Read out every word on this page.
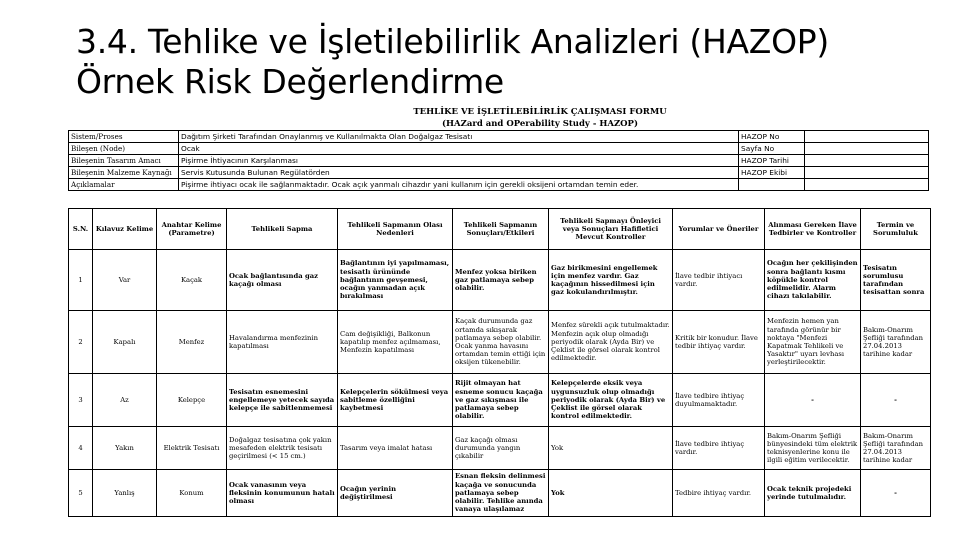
3.4. Tehlike ve İşletilebilirlik Analizleri (HAZOP)
Örnek Risk Değerlendirme
TEHLİKE VE İŞLETİLEBİLİRLİK ÇALIŞMASI FORMU
(HAZard and OPerability Study - HAZOP)
Sistem/Proses	Dağıtım Şirketi Tarafından Onaylanmış ve Kullanılmakta Olan Doğalgaz Tesisatı	HAZOP No	
Bileşen (Node)	Ocak	Sayfa No	
Bileşenin Tasarım Amacı	Pişirme İhtiyacının Karşılanması	HAZOP Tarihi	
Bileşenin Malzeme Kaynağı	Servis Kutusunda Bulunan Regülatörden	HAZOP Ekibi	
Açıklamalar	Pişirme ihtiyacı ocak ile sağlanmaktadır. Ocak açık yanmalı cihazdır yani kullanım için gerekli oksijeni ortamdan temin eder.		
S.N.	Kılavuz Kelime	Anahtar Kelime (Parametre)	Tehlikeli Sapma	Tehlikeli Sapmanın Olası Nedenleri	Tehlikeli Sapmanın Sonuçları/Etkileri	Tehlikeli Sapmayı Önleyici veya Sonuçları Hafifletici Mevcut Kontroller	Yorumlar ve Öneriler	Alınması Gereken İlave Tedbirler ve Kontroller	Termin ve Sorumluluk
1	Var	Kaçak	Ocak bağlantısında gaz kaçağı olması	Bağlantının iyi yapılmaması, tesisatlı ürününde bağlantının gevşemesi, ocağın yanmadan açık bırakılması	Menfez yoksa biriken gaz patlamaya sebep olabilir.	Gaz birikmesini engellemek için menfez vardır. Gaz kaçağının hissedilmesi için gaz kokulandırılmıştır.	İlave tedbir ihtiyacı vardır.	Ocağın her çekilişinden sonra bağlantı kısmı köpükle kontrol edilmelidir. Alarm cihazı takılabilir.	Tesisatın sorumlusu tarafından tesisattan sonra
2	Kapalı	Menfez	Havalandırma menfezinin kapatılması	Cam değişikliği, Balkonun kapatılıp menfez açılmaması, Menfezin kapatılması	Kaçak durumunda gaz ortamda sıkışarak patlamaya sebep olabilir. Ocak yanma havasını ortamdan temin ettiği için oksijen tükenebilir.	Menfez sürekli açık tutulmaktadır. Menfezin açık olup olmadığı periyodik olarak (Ayda Bir) ve Çeklist ile görsel olarak kontrol edilmektedir.	Kritik bir konudur. İlave tedbir ihtiyaç vardır.	Menfezin hemen yan tarafında görünür bir noktaya "Menfezi Kapatmak Tehlikeli ve Yasaktır" uyarı levhası yerleştirilecektir.	Bakım-Onarım Şefliği tarafından 27.04.2013 tarihine kadar
3	Az	Kelepçe	Tesisatın esnemesini engellemeye yetecek sayıda kelepçe ile sabitlenmemesi	Kelepçelerin sökülmesi veya sabitleme özelliğini kaybetmesi	Rijit olmayan hat esneme sonucu kaçağa ve gaz sıkışması ile patlamaya sebep olabilir.	Kelepçelerde eksik veya uygunsuzluk olup olmadığı periyodik olarak (Ayda Bir) ve Çeklist ile görsel olarak kontrol edilmektedir.	İlave tedbire ihtiyaç duyulmamaktadır.	-	-
4	Yakın	Elektrik Tesisatı	Doğalgaz tesisatına çok yakın mesafeden elektrik tesisatı geçirilmesi (< 15 cm.)	Tasarım veya imalat hatası	Gaz kaçağı olması durumunda yangın çıkabilir	Yok	İlave tedbire ihtiyaç vardır.	Bakım-Onarım Şefliği bünyesindeki tüm elektrik teknisyenlerine konu ile ilgili eğitim verilecektir.	Bakım-Onarım Şefliği tarafından 27.04.2013 tarihine kadar
5	Yanlış	Konum	Ocak vanasının veya fleksinin konumunun hatalı olması	Ocağın yerinin değiştirilmesi	Esnan fleksin delinmesi kaçağa ve sonucunda patlamaya sebep olabilir. Tehlike anında vanaya ulaşılamaz	Yok	Tedbire ihtiyaç vardır.	Ocak teknik projedeki yerinde tutulmalıdır.	-
